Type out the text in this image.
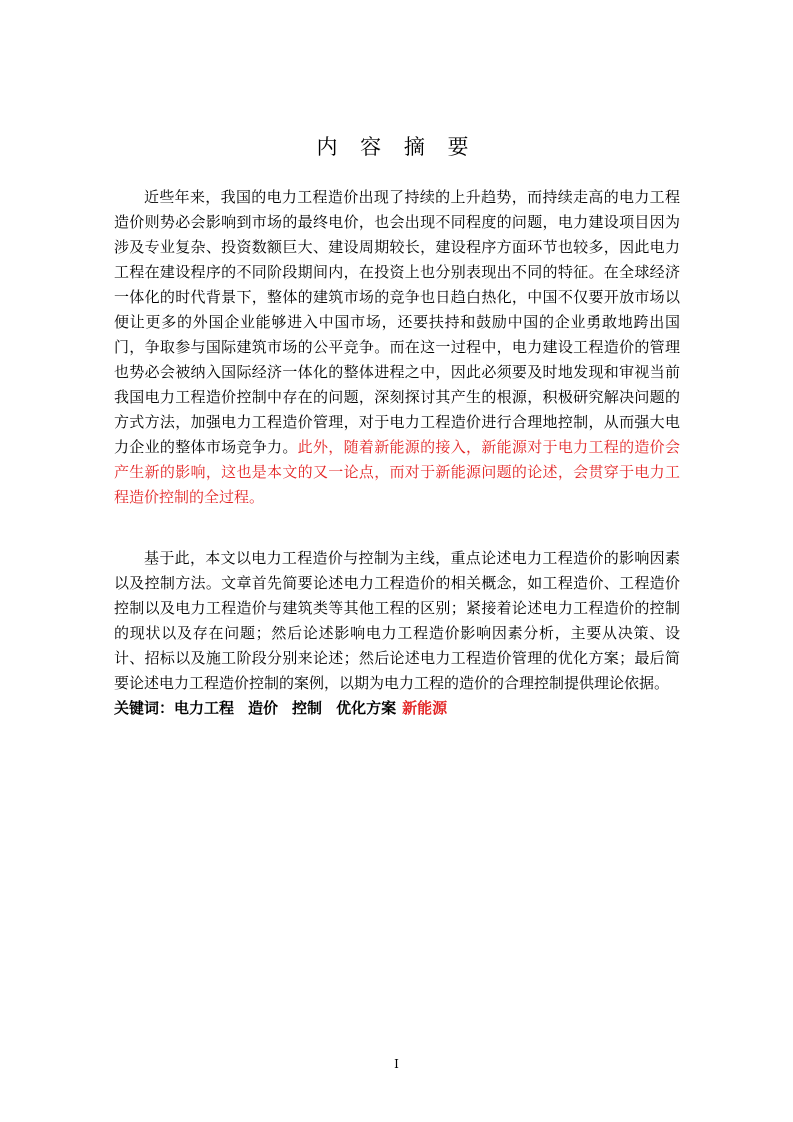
内 容 摘 要

近些年来，我国的电力工程造价出现了持续的上升趋势，而持续走高的电力工程造价则势必会影响到市场的最终电价，也会出现不同程度的问题，电力建设项目因为涉及专业复杂、投资数额巨大、建设周期较长，建设程序方面环节也较多，因此电力工程在建设程序的不同阶段期间内，在投资上也分别表现出不同的特征。在全球经济一体化的时代背景下，整体的建筑市场的竞争也日趋白热化，中国不仅要开放市场以便让更多的外国企业能够进入中国市场，还要扶持和鼓励中国的企业勇敢地跨出国门，争取参与国际建筑市场的公平竞争。而在这一过程中，电力建设工程造价的管理也势必会被纳入国际经济一体化的整体进程之中，因此必须要及时地发现和审视当前我国电力工程造价控制中存在的问题，深刻探讨其产生的根源，积极研究解决问题的方式方法，加强电力工程造价管理，对于电力工程造价进行合理地控制，从而强大电力企业的整体市场竞争力。此外，随着新能源的接入，新能源对于电力工程的造价会产生新的影响，这也是本文的又一论点，而对于新能源问题的论述，会贯穿于电力工程造价控制的全过程。

基于此，本文以电力工程造价与控制为主线，重点论述电力工程造价的影响因素以及控制方法。文章首先简要论述电力工程造价的相关概念，如工程造价、工程造价控制以及电力工程造价与建筑类等其他工程的区别；紧接着论述电力工程造价的控制的现状以及存在问题；然后论述影响电力工程造价影响因素分析，主要从决策、设计、招标以及施工阶段分别来论述；然后论述电力工程造价管理的优化方案；最后简要论述电力工程造价控制的案例，以期为电力工程的造价的合理控制提供理论依据。

关键词：电力工程 造价 控制 优化方案 新能源
I
